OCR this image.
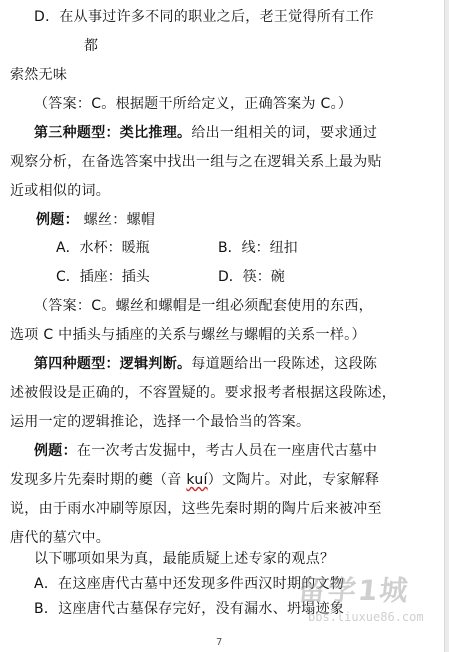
D．在从事过许多不同的职业之后，老王觉得所有工作
都
索然无味
（答案：C。根据题干所给定义，正确答案为 C。）
第三种题型：类比推理。给出一组相关的词，要求通过
观察分析，在备选答案中找出一组与之在逻辑关系上最为贴
近或相似的词。
例题： 螺丝：螺帽
A．水杯：暖瓶	B．线：纽扣
C．插座：插头	D．筷：碗
（答案：C。螺丝和螺帽是一组必须配套使用的东西，
选项 C 中插头与插座的关系与螺丝与螺帽的关系一样。）
第四种题型：逻辑判断。每道题给出一段陈述，这段陈
述被假设是正确的，不容置疑的。要求报考者根据这段陈述，
运用一定的逻辑推论，选择一个最恰当的答案。
例题：在一次考古发掘中，考古人员在一座唐代古墓中
发现多片先秦时期的夔（音 kuí）文陶片。对此，专家解释
说，由于雨水冲刷等原因，这些先秦时期的陶片后来被冲至
唐代的墓穴中。
以下哪项如果为真，最能质疑上述专家的观点？
A．在这座唐代古墓中还发现多件西汉时期的文物
B．这座唐代古墓保存完好，没有漏水、坍塌迹象
留学1城
bbs.liuxue86.com
7
